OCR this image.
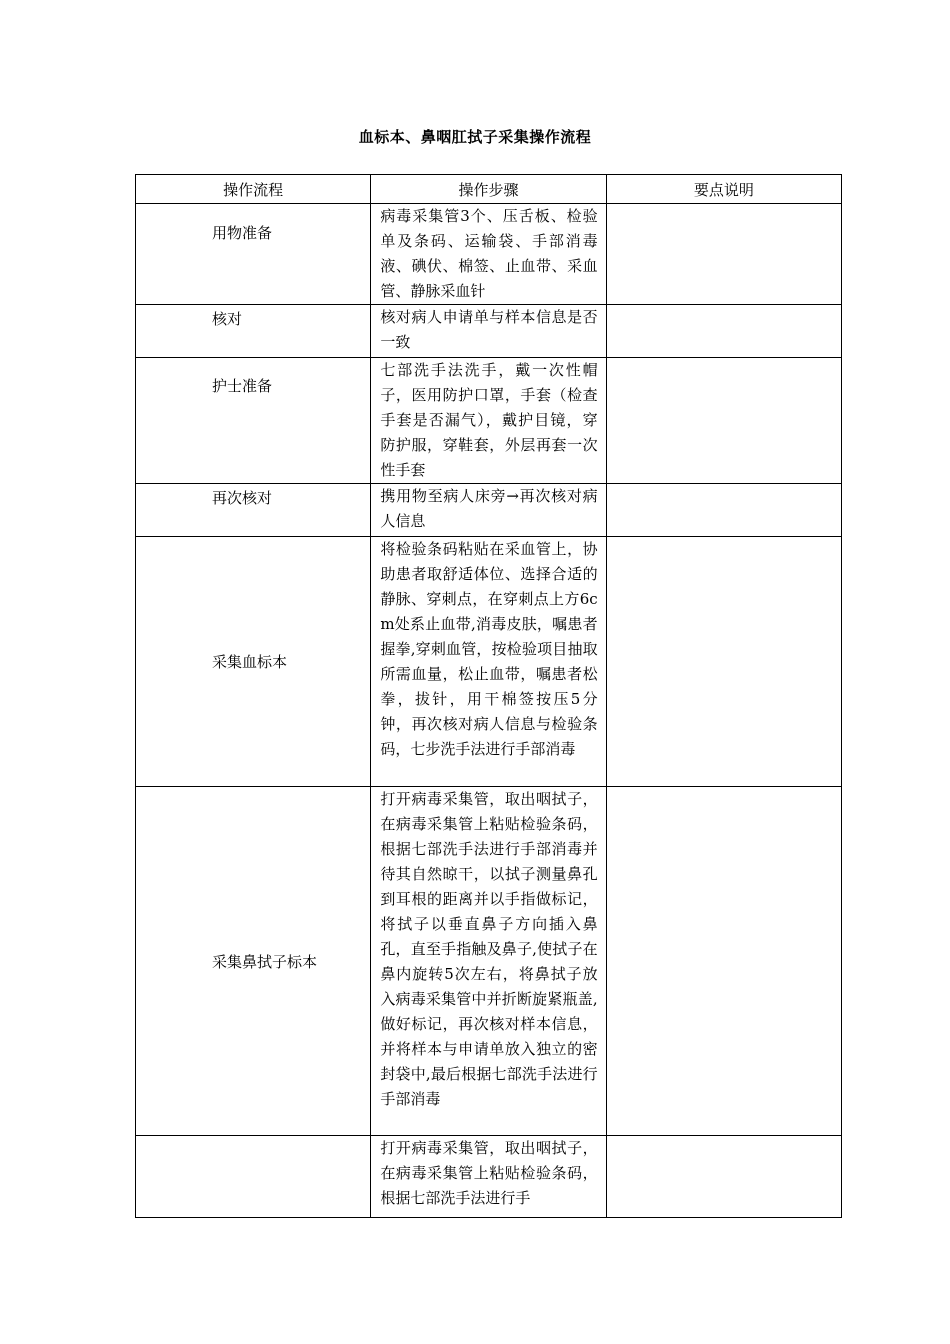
血标本、鼻咽肛拭子采集操作流程
操作流程	操作步骤	要点说明
用物准备	病毒采集管3个、压舌板、检验单及条码、运输袋、手部消毒液、碘伏、棉签、止血带、采血管、静脉采血针	

核对	核对病人申请单与样本信息是否一致	

护士准备	七部洗手法洗手，戴一次性帽子，医用防护口罩，手套（检查手套是否漏气），戴护目镜，穿防护服，穿鞋套，外层再套一次性手套	

再次核对	携用物至病人床旁→再次核对病人信息	

采集血标本	将检验条码粘贴在采血管上，协助患者取舒适体位、选择合适的静脉、穿刺点，在穿刺点上方6cm处系止血带,消毒皮肤，嘱患者握拳,穿刺血管，按检验项目抽取所需血量，松止血带，嘱患者松拳，拔针，用干棉签按压5分钟，再次核对病人信息与检验条码，七步洗手法进行手部消毒	

采集鼻拭子标本	打开病毒采集管，取出咽拭子，在病毒采集管上粘贴检验条码，根据七部洗手法进行手部消毒并待其自然晾干，以拭子测量鼻孔到耳根的距离并以手指做标记，将拭子以垂直鼻子方向插入鼻孔，直至手指触及鼻子,使拭子在鼻内旋转5次左右，将鼻拭子放入病毒采集管中并折断旋紧瓶盖,做好标记，再次核对样本信息，并将样本与申请单放入独立的密封袋中,最后根据七部洗手法进行手部消毒	

	打开病毒采集管，取出咽拭子，在病毒采集管上粘贴检验条码，根据七部洗手法进行手	
